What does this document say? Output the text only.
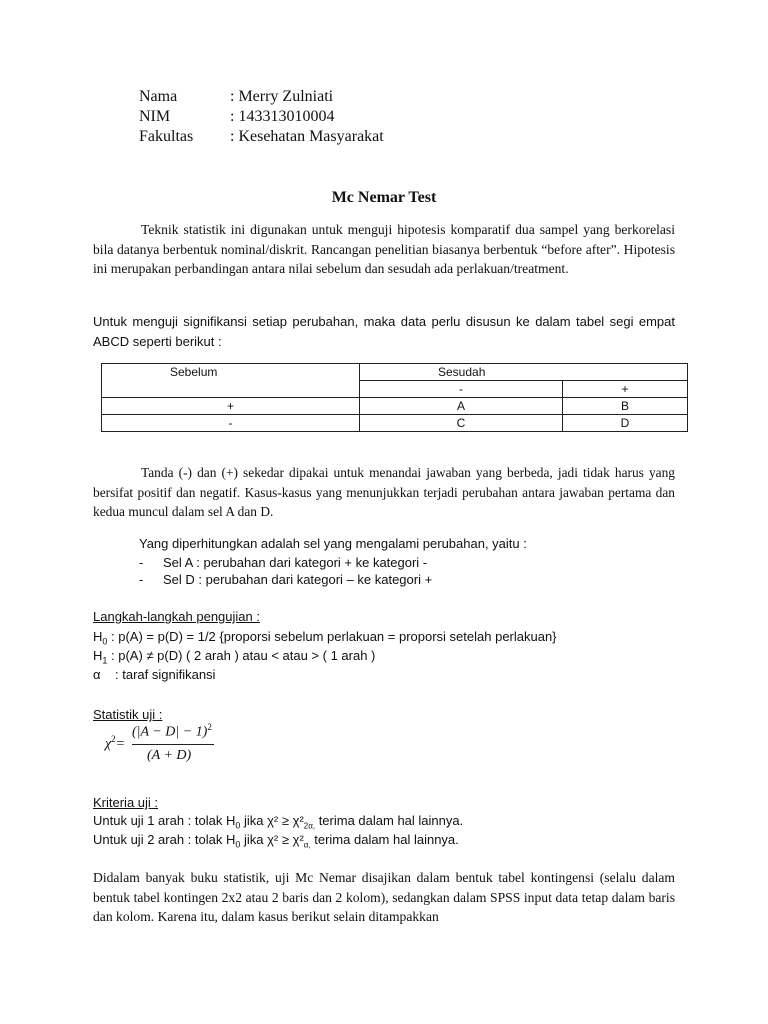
Nama	: Merry Zulniati
NIM	: 143313010004
Fakultas : Kesehatan Masyarakat
Mc Nemar Test

Teknik statistik ini digunakan untuk menguji hipotesis komparatif dua sampel yang berkorelasi bila datanya berbentuk nominal/diskrit. Rancangan penelitian biasanya berbentuk “before after”. Hipotesis ini merupakan perbandingan antara nilai sebelum dan sesudah ada perlakuan/treatment.

Untuk menguji signifikansi setiap perubahan, maka data perlu disusun ke dalam tabel segi empat ABCD seperti berikut :

Sebelum	Sesudah	
	-	+
+	A	B
-	C	D

Tanda (-) dan (+) sekedar dipakai untuk menandai jawaban yang berbeda, jadi tidak harus yang bersifat positif dan negatif. Kasus-kasus yang menunjukkan terjadi perubahan antara jawaban pertama dan kedua muncul dalam sel A dan D.

Yang diperhitungkan adalah sel yang mengalami perubahan, yaitu :
- Sel A : perubahan dari kategori + ke kategori -
- Sel D : perubahan dari kategori – ke kategori +
Langkah-langkah pengujian :
$H_0$ : p(A) = p(D) = 1/2 {proporsi sebelum perlakuan = proporsi setelah perlakuan}
$H_1$ : p(A) ≠ p(D) ( 2 arah ) atau < atau > ( 1 arah )
α : taraf signifikansi
Statistik uji :
$\chi^2=$
$(|A - D| - 1)^2$
(A + D)
Kriteria uji :
Untuk uji 1 arah : tolak $H_0$ jika $\chi^2 \ge \chi^2_{2\alpha,}$ terima dalam hal lainnya.
Untuk uji 2 arah : tolak $H_0$ jika $\chi^2 \ge \chi^2_{\alpha,}$ terima dalam hal lainnya.

Didalam banyak buku statistik, uji Mc Nemar disajikan dalam bentuk tabel kontingensi (selalu dalam bentuk tabel kontingen 2x2 atau 2 baris dan 2 kolom), sedangkan dalam SPSS input data tetap dalam baris dan kolom. Karena itu, dalam kasus berikut selain ditampakkan
